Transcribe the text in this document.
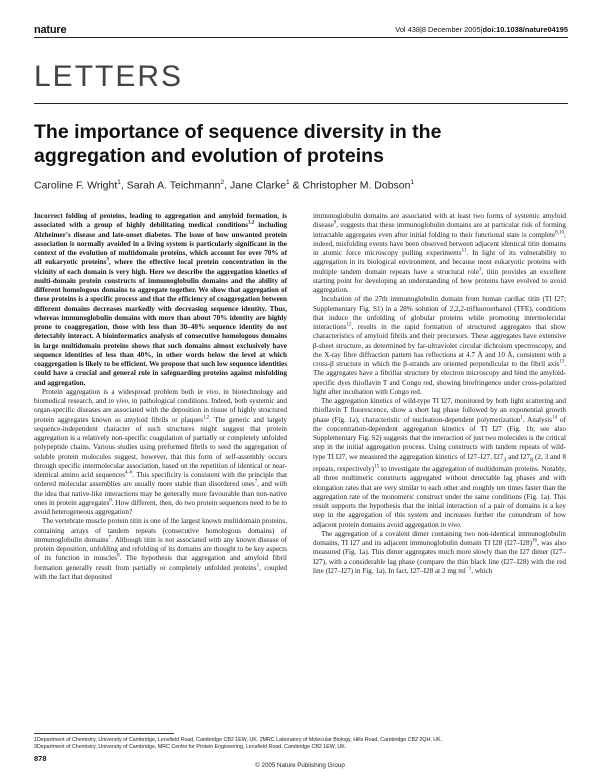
nature	Vol 438|8 December 2005|doi:10.1038/nature04195
LETTERS
The importance of sequence diversity in the aggregation and evolution of proteins
Caroline F. Wright$^1$, Sarah A. Teichmann$^2$, Jane Clarke$^1$ & Christopher M. Dobson$^1$

Incorrect folding of proteins, leading to aggregation and amyloid formation, is associated with a group of highly debilitating medical conditions$^{1,2}$ including Alzheimer's disease and late-onset diabetes. The issue of how unwanted protein association is normally avoided in a living system is particularly significant in the context of the evolution of multidomain proteins, which account for over 70% of all eukaryotic proteins$^3$, where the effective local protein concentration in the vicinity of each domain is very high. Here we describe the aggregation kinetics of multi-domain protein constructs of immunoglobulin domains and the ability of different homologous domains to aggregate together. We show that aggregation of these proteins is a specific process and that the efficiency of coaggregation between different domains decreases markedly with decreasing sequence identity. Thus, whereas immunoglobulin domains with more than about 70% identity are highly prone to coaggregation, those with less than 30–40% sequence identity do not detectably interact. A bioinformatics analysis of consecutive homologous domains in large multidomain proteins shows that such domains almost exclusively have sequence identities of less than 40%, in other words below the level at which coaggregation is likely to be efficient. We propose that such low sequence identities could have a crucial and general role in safeguarding proteins against misfolding and aggregation.

Protein aggregation is a widespread problem both in vivo, in biotechnology and biomedical research, and in vivo, in pathological conditions. Indeed, both systemic and organ-specific diseases are associated with the deposition in tissue of highly structured protein aggregates known as amyloid fibrils or plaques$^{1,2}$. The generic and largely sequence-independent character of such structures might suggest that protein aggregation is a relatively non-specific coagulation of partially or completely unfolded polypeptide chains. Various studies using preformed fibrils to seed the aggregation of soluble protein molecules suggest, however, that this form of self-assembly occurs through specific intermolecular association, based on the repetition of identical or near-identical amino acid sequences$^{4-6}$. This specificity is consistent with the principle that ordered molecular assemblies are usually more stable than disordered ones$^7$, and with the idea that native-like interactions may be generally more favourable than non-native ones in protein aggregates$^8$. How different, then, do two protein sequences need to be to avoid heterogeneous aggregation?

The vertebrate muscle protein titin is one of the largest known multidomain proteins, containing arrays of tandem repeats (consecutive homologous domains) of immunoglobulin domains$^7$. Although titin is not associated with any known disease of protein deposition, unfolding and refolding of its domains are thought to be key aspects of its function in muscles$^8$. The hypothesis that aggregation and amyloid fibril formation generally result from partially or completely unfolded proteins$^1$, coupled with the fact that deposited

immunoglobulin domains are associated with at least two forms of systemic amyloid disease$^9$, suggests that these immunoglobulin domains are at particular risk of forming intractable aggregates even after initial folding to their functional state is complete$^{8,10}$; indeed, misfolding events have been observed between adjacent identical titin domains in atomic force microscopy pulling experiments$^{11}$. In light of its vulnerability to aggregation in its biological environment, and because most eukaryotic proteins with multiple tandem domain repeats have a structural role$^3$, titin provides an excellent starting point for developing an understanding of how proteins have evolved to avoid aggregation.

Incubation of the 27th immunoglobulin domain from human cardiac titin (TI I27; Supplementary Fig. S1) in a 28% solution of 2,2,2-trifluoroethanol (TFE), conditions that induce the unfolding of globular proteins while promoting intermolecular interactions$^{12}$, results in the rapid formation of structured aggregates that show characteristics of amyloid fibrils and their precursors. These aggregates have extensive β-sheet structure, as determined by far-ultraviolet circular dichroism spectroscopy, and the X-ray fibre diffraction pattern has reflections at 4.7 Å and 10 Å, consistent with a cross-β structure in which the β-strands are oriented perpendicular to the fibril axis$^{13}$. The aggregates have a fibrillar structure by electron microscopy and bind the amyloid-specific dyes thioflavin T and Congo red, showing birefringence under cross-polarized light after incubation with Congo red.

The aggregation kinetics of wild-type TI I27, monitored by both light scattering and thioflavin T fluorescence, show a short lag phase followed by an exponential growth phase (Fig. 1a), characteristic of nucleation-dependent polymerization$^1$. Analysis$^{14}$ of the concentration-dependent aggregation kinetics of TI I27 (Fig. 1b; see also Supplementary Fig. S2) suggests that the interaction of just two molecules is the critical step in the initial aggregation process. Using constructs with tandem repeats of wild-type TI I27, we measured the aggregation kinetics of I27–I27, $I27_3$ and $I27_8$ (2, 3 and 8 repeats, respectively)$^{15}$ to investigate the aggregation of multidomain proteins. Notably, all three multimeric constructs aggregated without detectable lag phases and with elongation rates that are very similar to each other and roughly ten times faster than the aggregation rate of the monomeric construct under the same conditions (Fig. 1a). This result supports the hypothesis that the initial interaction of a pair of domains is a key step in the aggregation of this system and increases further the conundrum of how adjacent protein domains avoid aggregation in vivo.

The aggregation of a covalent dimer containing two non-identical immunoglobulin domains, TI I27 and its adjacent immunoglobulin domain TI I28 $(I27-I28)^{16}$, was also measured (Fig. 1a). This dimer aggregates much more slowly than the I27 dimer (I27–I27), with a considerable lag phase (compare the thin black line (I27–I28) with the red line (I27–I27) in Fig. 1a). In fact, I27–I28 at 2 mg $ml^{-1}$, which

1Department of Chemistry, University of Cambridge, Lensfield Road, Cambridge CB2 1EW, UK. 2MRC Laboratory of Molecular Biology, Hills Road, Cambridge CB2 2QH, UK.

3Department of Chemistry, University of Cambridge, MRC Centre for Protein Engineering, Lensfield Road, Cambridge CB2 1EW, UK.

878
© 2005 Nature Publishing Group
